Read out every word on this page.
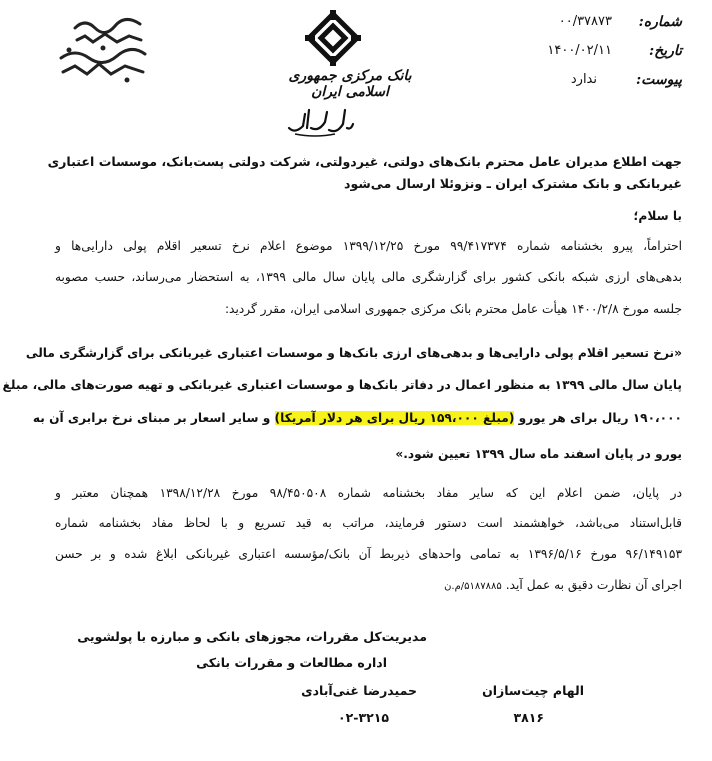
شماره:
۰۰/۳۷۸۷۳
تاریخ:
۱۴۰۰/۰۲/۱۱
پیوست:
ندارد
بانک مرکزی جمهوری اسلامی ایران
جهت اطلاع مدیران عامل محترم بانک‌های دولتی، غیردولتی، شرکت دولتی پست‌بانک، موسسات اعتباری
غیربانکی و بانک مشترک ایران ـ ونزوئلا ارسال می‌شود
با سلام؛
احتراماً، پیرو بخشنامه شماره ۹۹/۴۱۷۳۷۴ مورخ ۱۳۹۹/۱۲/۲۵ موضوع اعلام نرخ تسعیر اقلام پولی دارایی‌ها و
بدهی‌های ارزی شبکه بانکی کشور برای گزارشگری مالی پایان سال مالی ۱۳۹۹، به استحضار می‌رساند، حسب مصوبه
جلسه مورخ ۱۴۰۰/۲/۸ هیأت عامل محترم بانک مرکزی جمهوری اسلامی ایران، مقرر گردید:
«نرخ تسعیر اقلام پولی دارایی‌ها و بدهی‌های ارزی بانک‌ها و موسسات اعتباری غیربانکی برای گزارشگری مالی
پایان سال مالی ۱۳۹۹ به منظور اعمال در دفاتر بانک‌ها و موسسات اعتباری غیربانکی و تهیه صورت‌های مالی، مبلغ
۱۹۰،۰۰۰ ریال برای هر یورو (مبلغ ۱۵۹،۰۰۰ ریال برای هر دلار آمریکا) و سایر اسعار بر مبنای نرخ برابری آن به
یورو در پایان اسفند ماه سال ۱۳۹۹ تعیین شود.»
در پایان، ضمن اعلام این که سایر مفاد بخشنامه شماره ۹۸/۴۵۰۵۰۸ مورخ ۱۳۹۸/۱۲/۲۸ همچنان معتبر و
قابل‌استناد می‌باشد، خواهشمند است دستور فرمایند، مراتب به قید تسریع و با لحاظ مفاد بخشنامه شماره
۹۶/۱۴۹۱۵۳ مورخ ۱۳۹۶/۵/۱۶ به تمامی واحدهای ذیربط آن بانک/مؤسسه اعتباری غیربانکی ابلاغ شده و بر حسن
اجرای آن نظارت دقیق به عمل آید.۵۱۸۷۸۸۵/م.ن
مدیریت‌کل مقررات، مجوزهای بانکی و مبارزه با پولشویی
اداره مطالعات و مقررات بانکی
حمیدرضا غنی‌آبادی	الهام چیت‌سازان
۰۲-۳۲۱۵	۳۸۱۶
